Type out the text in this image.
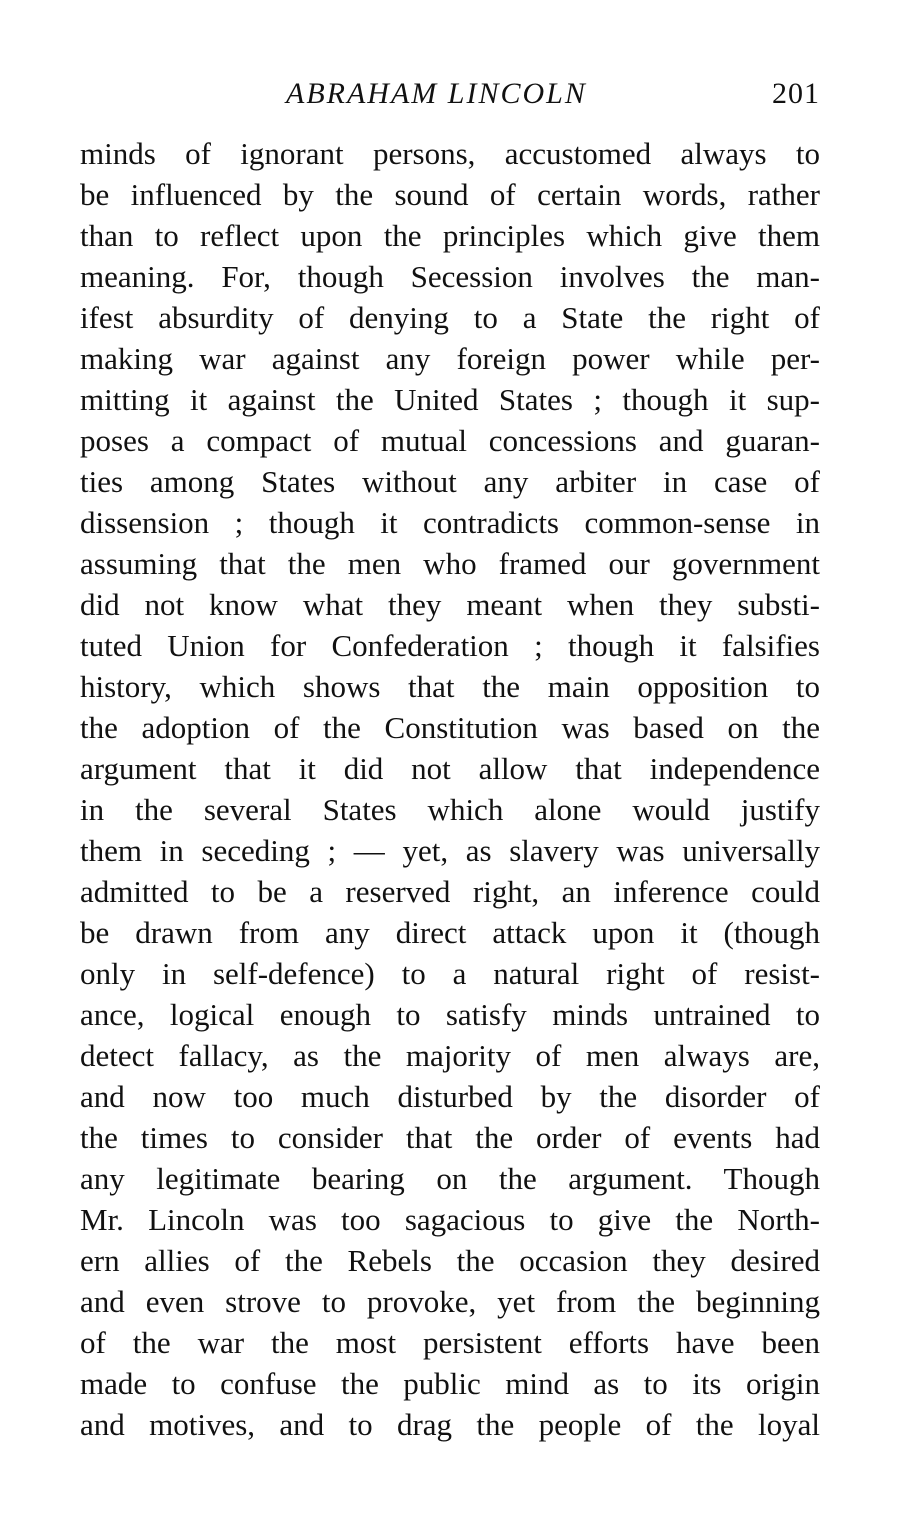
ABRAHAM LINCOLN	201
minds of ignorant persons, accustomed always to
be influenced by the sound of certain words, rather
than to reflect upon the principles which give them
meaning. For, though Secession involves the man-
ifest absurdity of denying to a State the right of
making war against any foreign power while per-
mitting it against the United States ; though it sup-
poses a compact of mutual concessions and guaran-
ties among States without any arbiter in case of
dissension ; though it contradicts common-sense in
assuming that the men who framed our government
did not know what they meant when they substi-
tuted Union for Confederation ; though it falsifies
history, which shows that the main opposition to
the adoption of the Constitution was based on the
argument that it did not allow that independence
in the several States which alone would justify
them in seceding ; — yet, as slavery was universally
admitted to be a reserved right, an inference could
be drawn from any direct attack upon it (though
only in self-defence) to a natural right of resist-
ance, logical enough to satisfy minds untrained to
detect fallacy, as the majority of men always are,
and now too much disturbed by the disorder of
the times to consider that the order of events had
any legitimate bearing on the argument. Though
Mr. Lincoln was too sagacious to give the North-
ern allies of the Rebels the occasion they desired
and even strove to provoke, yet from the beginning
of the war the most persistent efforts have been
made to confuse the public mind as to its origin
and motives, and to drag the people of the loyal
